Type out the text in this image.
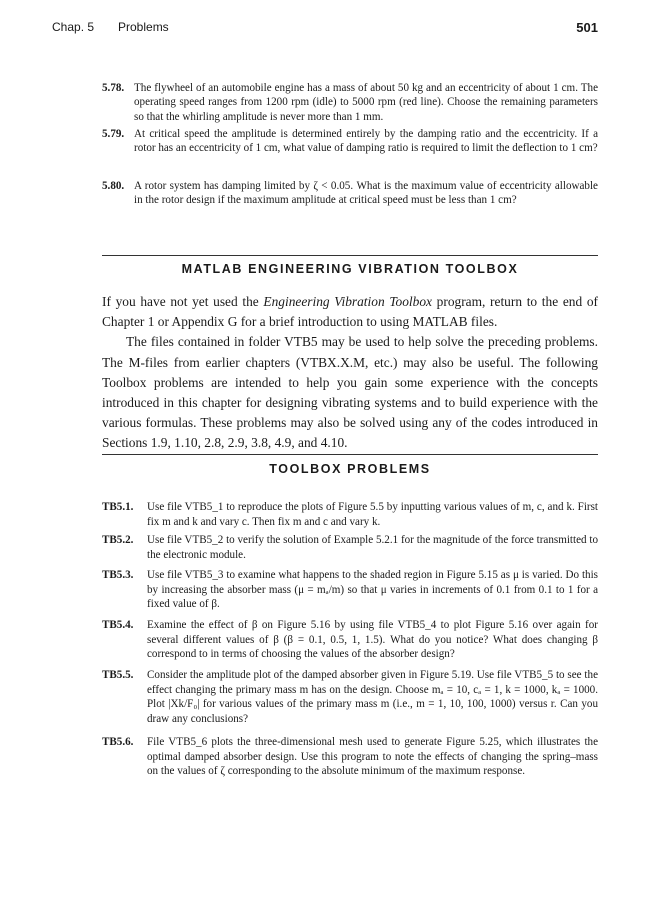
Chap. 5 Problems	501
5.78. The flywheel of an automobile engine has a mass of about 50 kg and an eccentricity of about 1 cm. The operating speed ranges from 1200 rpm (idle) to 5000 rpm (red line). Choose the remaining parameters so that the whirling amplitude is never more than 1 mm.
5.79. At critical speed the amplitude is determined entirely by the damping ratio and the eccentricity. If a rotor has an eccentricity of 1 cm, what value of damping ratio is required to limit the deflection to 1 cm?
5.80. A rotor system has damping limited by ζ < 0.05. What is the maximum value of eccentricity allowable in the rotor design if the maximum amplitude at critical speed must be less than 1 cm?
MATLAB ENGINEERING VIBRATION TOOLBOX

If you have not yet used the Engineering Vibration Toolbox program, return to the end of Chapter 1 or Appendix G for a brief introduction to using MATLAB files.

The files contained in folder VTB5 may be used to help solve the preceding problems. The M-files from earlier chapters (VTBX.X.M, etc.) may also be useful. The following Toolbox problems are intended to help you gain some experience with the concepts introduced in this chapter for designing vibrating systems and to build experience with the various formulas. These problems may also be solved using any of the codes introduced in Sections 1.9, 1.10, 2.8, 2.9, 3.8, 4.9, and 4.10.

TOOLBOX PROBLEMS
TB5.1. Use file VTB5_1 to reproduce the plots of Figure 5.5 by inputting various values of m, c, and k. First fix m and k and vary c. Then fix m and c and vary k.
TB5.2. Use file VTB5_2 to verify the solution of Example 5.2.1 for the magnitude of the force transmitted to the electronic module.
TB5.3. Use file VTB5_3 to examine what happens to the shaded region in Figure 5.15 as μ is varied. Do this by increasing the absorber mass (μ = mₐ/m) so that μ varies in increments of 0.1 from 0.1 to 1 for a fixed value of β.
TB5.4. Examine the effect of β on Figure 5.16 by using file VTB5_4 to plot Figure 5.16 over again for several different values of β (β = 0.1, 0.5, 1, 1.5). What do you notice? What does changing β correspond to in terms of choosing the values of the absorber design?
TB5.5. Consider the amplitude plot of the damped absorber given in Figure 5.19. Use file VTB5_5 to see the effect changing the primary mass m has on the design. Choose mₐ = 10, cₐ = 1, k = 1000, kₐ = 1000. Plot |Xk/F₀| for various values of the primary mass m (i.e., m = 1, 10, 100, 1000) versus r. Can you draw any conclusions?
TB5.6. File VTB5_6 plots the three-dimensional mesh used to generate Figure 5.25, which illustrates the optimal damped absorber design. Use this program to note the effects of changing the spring–mass on the values of ζ corresponding to the absolute minimum of the maximum response.
